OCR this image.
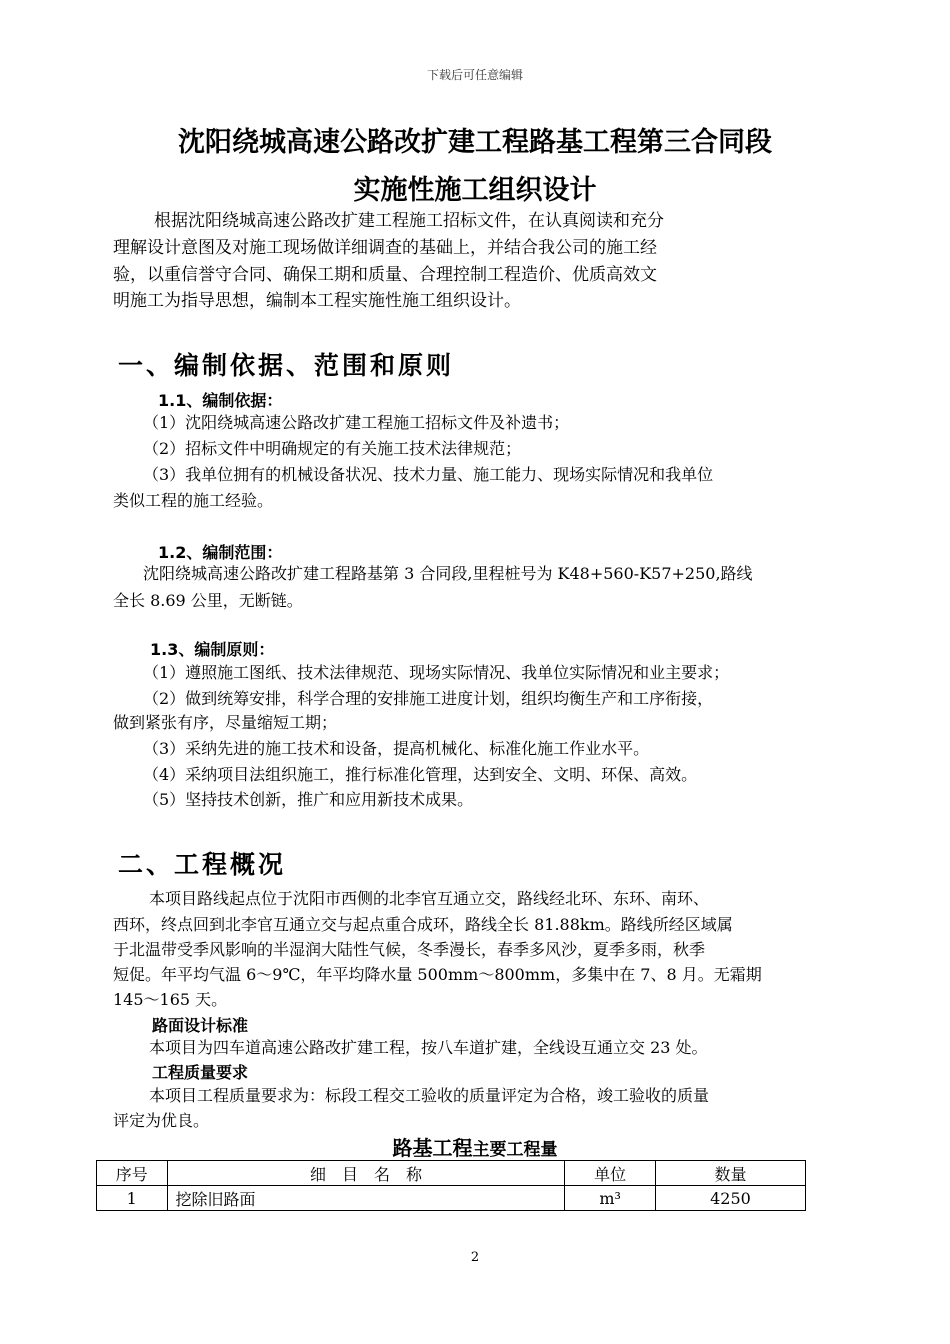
下载后可任意编辑
沈阳绕城高速公路改扩建工程路基工程第三合同段
实施性施工组织设计
根据沈阳绕城高速公路改扩建工程施工招标文件，在认真阅读和充分
理解设计意图及对施工现场做详细调查的基础上，并结合我公司的施工经
验，以重信誉守合同、确保工期和质量、合理控制工程造价、优质高效文
明施工为指导思想，编制本工程实施性施工组织设计。
一、编制依据、范围和原则
1.1、编制依据：
（1）沈阳绕城高速公路改扩建工程施工招标文件及补遗书；
（2）招标文件中明确规定的有关施工技术法律规范；
（3）我单位拥有的机械设备状况、技术力量、施工能力、现场实际情况和我单位
类似工程的施工经验。
1.2、编制范围：
沈阳绕城高速公路改扩建工程路基第 3 合同段,里程桩号为 K48+560-K57+250,路线
全长 8.69 公里，无断链。
1.3、编制原则：
（1）遵照施工图纸、技术法律规范、现场实际情况、我单位实际情况和业主要求；
（2）做到统筹安排，科学合理的安排施工进度计划，组织均衡生产和工序衔接，
做到紧张有序，尽量缩短工期；
（3）采纳先进的施工技术和设备，提高机械化、标准化施工作业水平。
（4）采纳项目法组织施工，推行标准化管理，达到安全、文明、环保、高效。
（5）坚持技术创新，推广和应用新技术成果。
二、工程概况
本项目路线起点位于沈阳市西侧的北李官互通立交，路线经北环、东环、南环、
西环，终点回到北李官互通立交与起点重合成环，路线全长 81.88km。路线所经区域属
于北温带受季风影响的半湿润大陆性气候，冬季漫长，春季多风沙，夏季多雨，秋季
短促。年平均气温 6～9℃，年平均降水量 500mm～800mm，多集中在 7、8 月。无霜期
145～165 天。
路面设计标准
本项目为四车道高速公路改扩建工程，按八车道扩建，全线设互通立交 23 处。
工程质量要求
本项目工程质量要求为：标段工程交工验收的质量评定为合格，竣工验收的质量
评定为优良。
路基工程主要工程量
序号	细　目　名　称	单位	数量
1	挖除旧路面	m³	4250
2
